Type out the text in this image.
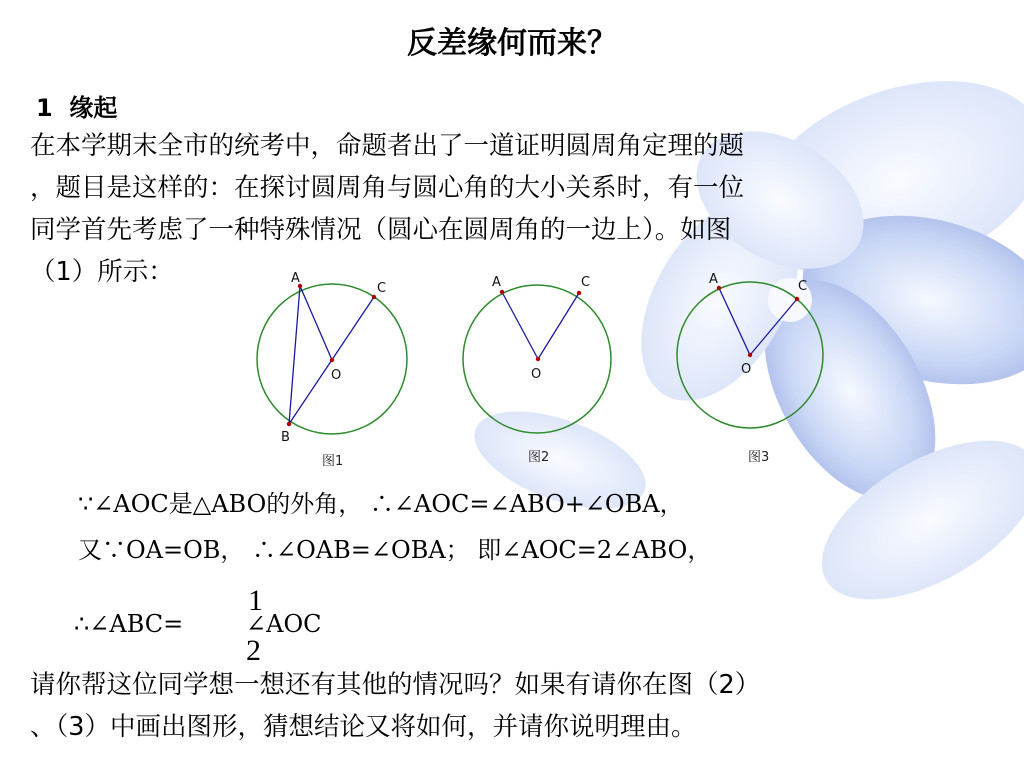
反差缘何而来？
1 缘起
在本学期末全市的统考中，命题者出了一道证明圆周角定理的题
，题目是这样的：在探讨圆周角与圆心角的大小关系时，有一位
同学首先考虑了一种特殊情况（圆心在圆周角的一边上）。如图
（1）所示：	A
C
O
B
图1
A	C
O
图2
A	C
O
图3
∵∠AOC是△ABO的外角， ∴∠AOC=∠ABO+∠OBA，
又∵OA=OB， ∴∠OAB=∠OBA； 即∠AOC=2∠ABO，
∴∠ABC=
1
2
∠AOC
请你帮这位同学想一想还有其他的情况吗？如果有请你在图（2）
、（3）中画出图形，猜想结论又将如何，并请你说明理由。
